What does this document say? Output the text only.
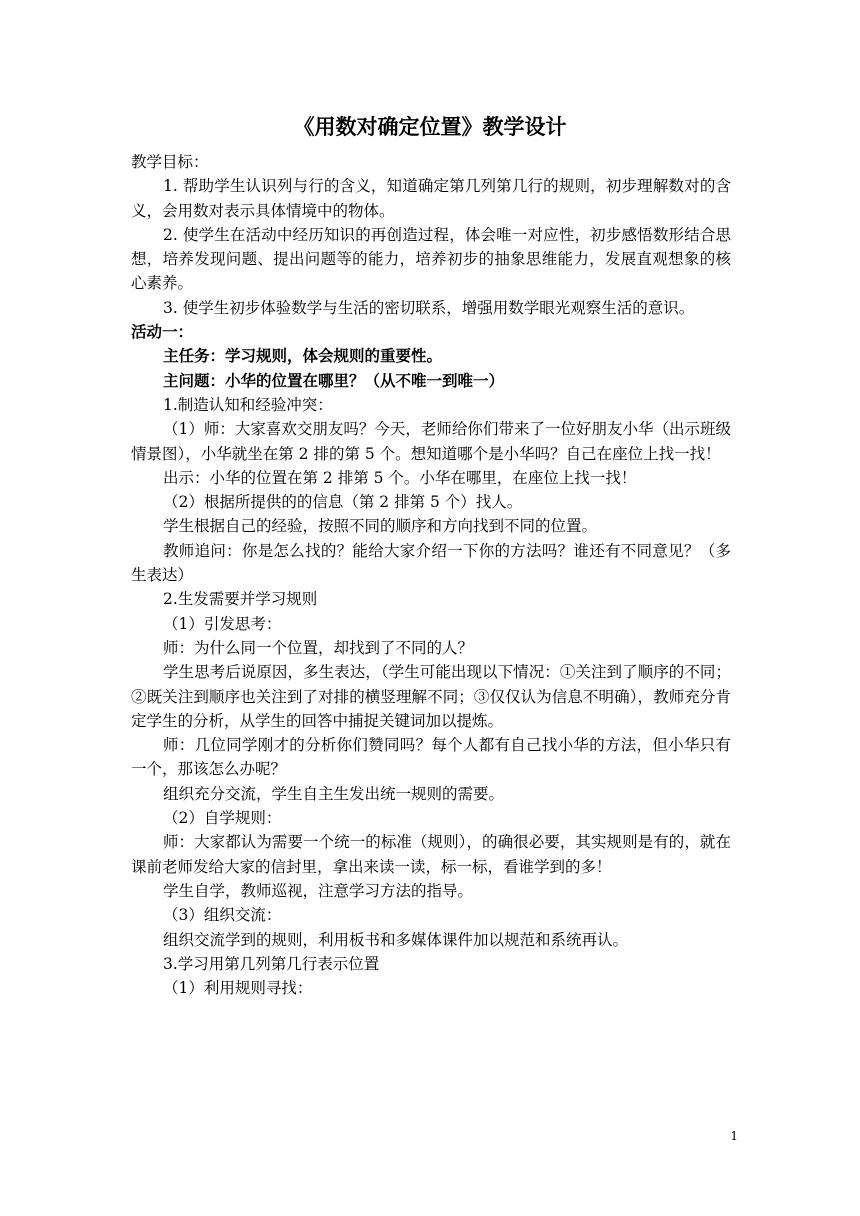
《用数对确定位置》教学设计

教学目标：

1. 帮助学生认识列与行的含义，知道确定第几列第几行的规则，初步理解数对的含义，会用数对表示具体情境中的物体。

2. 使学生在活动中经历知识的再创造过程，体会唯一对应性，初步感悟数形结合思想，培养发现问题、提出问题等的能力，培养初步的抽象思维能力，发展直观想象的核心素养。

3. 使学生初步体验数学与生活的密切联系，增强用数学眼光观察生活的意识。

活动一：

主任务：学习规则，体会规则的重要性。

主问题：小华的位置在哪里？（从不唯一到唯一）

1.制造认知和经验冲突：

（1）师：大家喜欢交朋友吗？今天，老师给你们带来了一位好朋友小华（出示班级情景图），小华就坐在第 2 排的第 5 个。想知道哪个是小华吗？自己在座位上找一找！

出示：小华的位置在第 2 排第 5 个。小华在哪里，在座位上找一找！

（2）根据所提供的的信息（第 2 排第 5 个）找人。

学生根据自己的经验，按照不同的顺序和方向找到不同的位置。

教师追问：你是怎么找的？能给大家介绍一下你的方法吗？谁还有不同意见？（多生表达）

2.生发需要并学习规则

（1）引发思考：

师：为什么同一个位置，却找到了不同的人？

学生思考后说原因，多生表达，（学生可能出现以下情况：①关注到了顺序的不同；②既关注到顺序也关注到了对排的横竖理解不同；③仅仅认为信息不明确），教师充分肯定学生的分析，从学生的回答中捕捉关键词加以提炼。

师：几位同学刚才的分析你们赞同吗？每个人都有自己找小华的方法，但小华只有一个，那该怎么办呢？

组织充分交流，学生自主生发出统一规则的需要。

（2）自学规则：

师：大家都认为需要一个统一的标准（规则），的确很必要，其实规则是有的，就在课前老师发给大家的信封里，拿出来读一读，标一标，看谁学到的多！

学生自学，教师巡视，注意学习方法的指导。

（3）组织交流：

组织交流学到的规则，利用板书和多媒体课件加以规范和系统再认。

3.学习用第几列第几行表示位置

（1）利用规则寻找：

1
